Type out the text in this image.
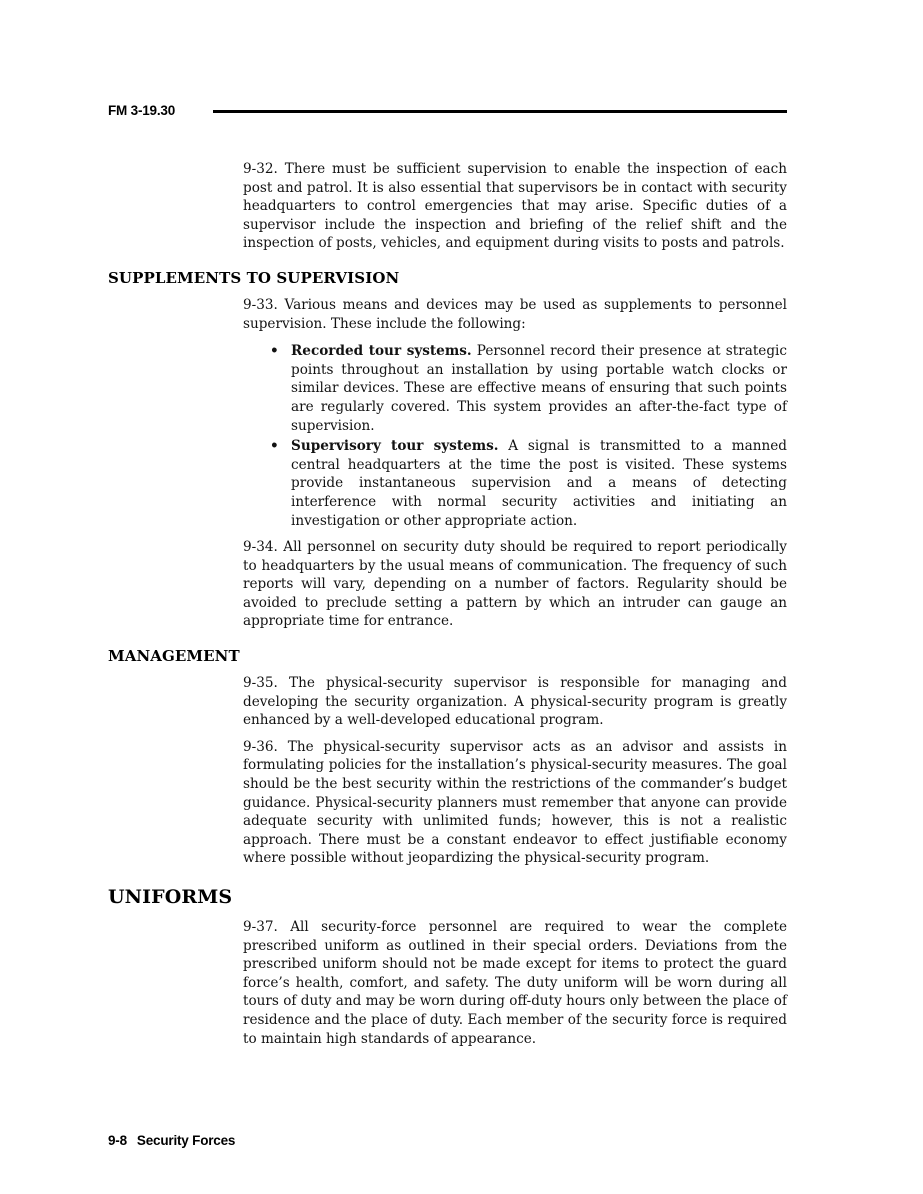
FM 3-19.30

9-32. There must be sufficient supervision to enable the inspection of each post and patrol. It is also essential that supervisors be in contact with security headquarters to control emergencies that may arise. Specific duties of a supervisor include the inspection and briefing of the relief shift and the inspection of posts, vehicles, and equipment during visits to posts and patrols.

SUPPLEMENTS TO SUPERVISION

9-33. Various means and devices may be used as supplements to personnel supervision. These include the following:

• Recorded tour systems. Personnel record their presence at strategic points throughout an installation by using portable watch clocks or similar devices. These are effective means of ensuring that such points are regularly covered. This system provides an after-the-fact type of supervision.
• Supervisory tour systems. A signal is transmitted to a manned central headquarters at the time the post is visited. These systems provide instantaneous supervision and a means of detecting interference with normal security activities and initiating an investigation or other appropriate action.

9-34. All personnel on security duty should be required to report periodically to headquarters by the usual means of communication. The frequency of such reports will vary, depending on a number of factors. Regularity should be avoided to preclude setting a pattern by which an intruder can gauge an appropriate time for entrance.

MANAGEMENT

9-35. The physical-security supervisor is responsible for managing and developing the security organization. A physical-security program is greatly enhanced by a well-developed educational program.

9-36. The physical-security supervisor acts as an advisor and assists in formulating policies for the installation’s physical-security measures. The goal should be the best security within the restrictions of the commander’s budget guidance. Physical-security planners must remember that anyone can provide adequate security with unlimited funds; however, this is not a realistic approach. There must be a constant endeavor to effect justifiable economy where possible without jeopardizing the physical-security program.

UNIFORMS

9-37. All security-force personnel are required to wear the complete prescribed uniform as outlined in their special orders. Deviations from the prescribed uniform should not be made except for items to protect the guard force’s health, comfort, and safety. The duty uniform will be worn during all tours of duty and may be worn during off-duty hours only between the place of residence and the place of duty. Each member of the security force is required to maintain high standards of appearance.

9-8 Security Forces
